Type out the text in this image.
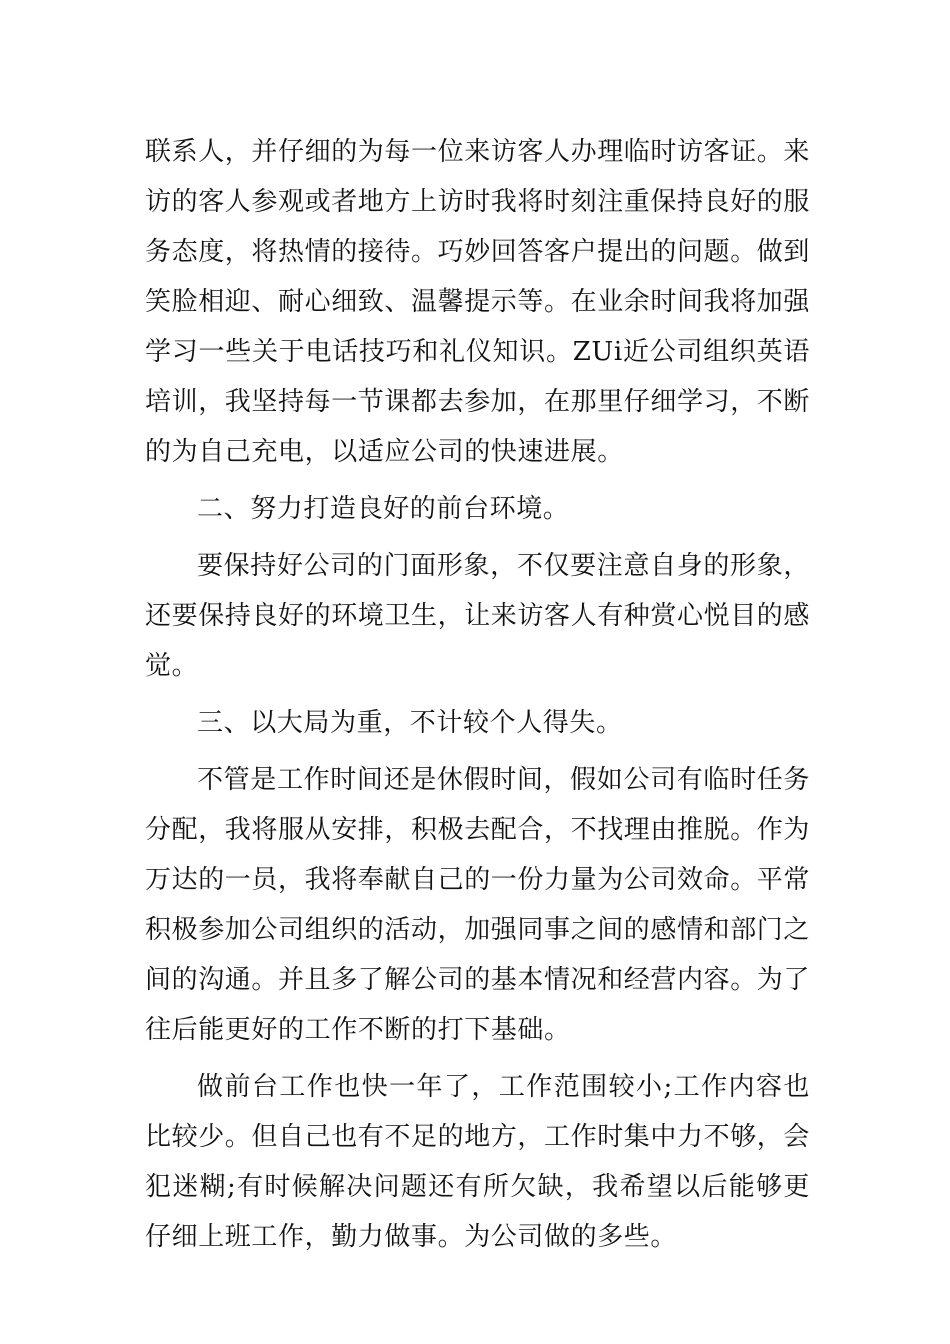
联系人，并仔细的为每一位来访客人办理临时访客证。来访的客人参观或者地方上访时我将时刻注重保持良好的服务态度，将热情的接待。巧妙回答客户提出的问题。做到笑脸相迎、耐心细致、温馨提示等。在业余时间我将加强学习一些关于电话技巧和礼仪知识。ZUi近公司组织英语培训，我坚持每一节课都去参加，在那里仔细学习，不断的为自己充电，以适应公司的快速进展。

二、努力打造良好的前台环境。

要保持好公司的门面形象，不仅要注意自身的形象，还要保持良好的环境卫生，让来访客人有种赏心悦目的感觉。

三、以大局为重，不计较个人得失。

不管是工作时间还是休假时间，假如公司有临时任务分配，我将服从安排，积极去配合，不找理由推脱。作为万达的一员，我将奉献自己的一份力量为公司效命。平常积极参加公司组织的活动，加强同事之间的感情和部门之间的沟通。并且多了解公司的基本情况和经营内容。为了往后能更好的工作不断的打下基础。

做前台工作也快一年了，工作范围较小;工作内容也比较少。但自己也有不足的地方，工作时集中力不够，会犯迷糊;有时候解决问题还有所欠缺，我希望以后能够更仔细上班工作，勤力做事。为公司做的多些。
